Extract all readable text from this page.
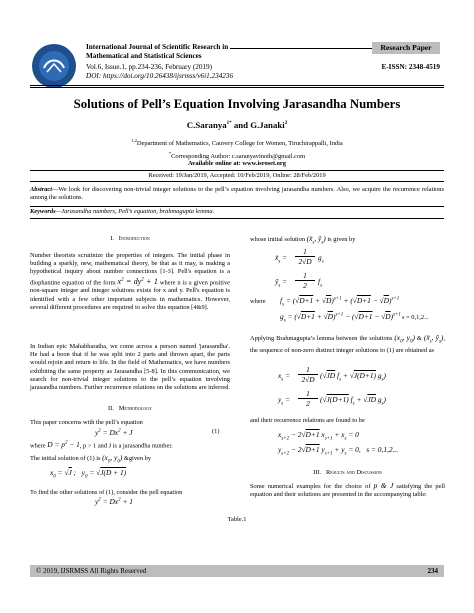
International Journal of Scientific Research in
Mathematical and Statistical Sciences
Vol.6, Issue.1, pp.234-236, February (2019)
DOI: https://doi.org/10.26438/ijsrmss/v6i1.234236
Research Paper
E-ISSN: 2348-4519
Solutions of Pell’s Equation Involving Jarasandha Numbers
C.Saranya$^{1*}$ and G.Janaki$^2$
$^{1,2}$Department of Mathematics, Cauvery College for Women, Tiruchirappalli, India
*Corresponding Author: c.saranyavinoth@gmail.com
Available online at: www.isroset.org
Received: 19/Jan/2019, Accepted: 10/Feb/2019, Online: 28/Feb/2019
Abstract—We look for discovering non-trivial integer solutions to the pell’s equation involving jarasandha numbers. Also, we acquire the recurrence relations among the solutions.
Keywords—Jarasandha numbers, Pell’s equation, brahmagupta lemma.
I. Introduction
Number theorists scrutinize the properties of integers. The initial phase in building a sparkly, new, mathematical theory, be that as it may, is making a hypothetical inquiry about number connections [1-3]. Pell's equation is a diophantine equation of the form $x^2 = dy^2 + 1$ where n is a given positive non-square integer and integer solutions exists for x and y. Pell's equation is identified with a few other important subjects in mathematics. However, several different procedures are required to solve this equation [4&9].
In Indian epic Mahabharatha, we come across a person named 'jarasandha'. He had a boon that if he was split into 2 parts and thrown apart, the parts would rejoin and return to life. In the field of Mathematics, we have numbers exhibiting the same property as Jarasandha [5-8]. In this communication, we search for non-trivial integer solutions to the pell’s equation involving jarasandha numbers. Further recurrence relations on the solutions are inferred.
II. Methodology
This paper concerns with the pell’s equation
$y^2 = Dx^2 + J$	(1)
where $D = p^2 - 1$, p > 1 and J is a jarasandha number.
The initial solution of (1) is ($x_0$, $y_0$) &given by
$x_0 = √J$ ;   $y_0 = √J(D + 1)$
To find the other solutions of (1), consider the pell equation
$y^2 = Dx^2 + 1$
whose initial solution ($x̃_s$, ỹ$_s$) is given by
$x̃_s$ =
1
2√D $g_s$
ỹ$_s$ =
1
2	$f_s$
where $f_s = (√D+1 + √D)^{s+1} + (√D+1 - √D)^{s+1}$
$g_s = (√D+1 + √D)^{s+1} - (√D+1 - √D)^{s+1}$ s = 0,1,2...
Applying Brahmagupta’s lemma between the solutions ($x_0$, $y_0$) & ($x̃_s$, ỹ$_s$), the sequence of non-zero distinct integer solutions to (1) are obtained as
$x_s$ =
1
2√D (√JD $f_s + √J(D+1)$ $g_s$)
$y_s$ =
1
2	(√J(D+1) $f_s + √JD$ $g_s$)
and their recurrence relations are found to be
$x_{s+2} - 2√D+1$ $x_{s+1} + x_s = 0$
$y_{s+2} - 2√D+1$ $y_{s+1} + y_s = 0$,   s = 0,1,2...
III. Results and Discussion
Some numerical examples for the choice of p & J satisfying the pell equation and their solutions are presented in the accompanying table:
Table.1
© 2019, IJSRMSS All Rights Reserved	234
